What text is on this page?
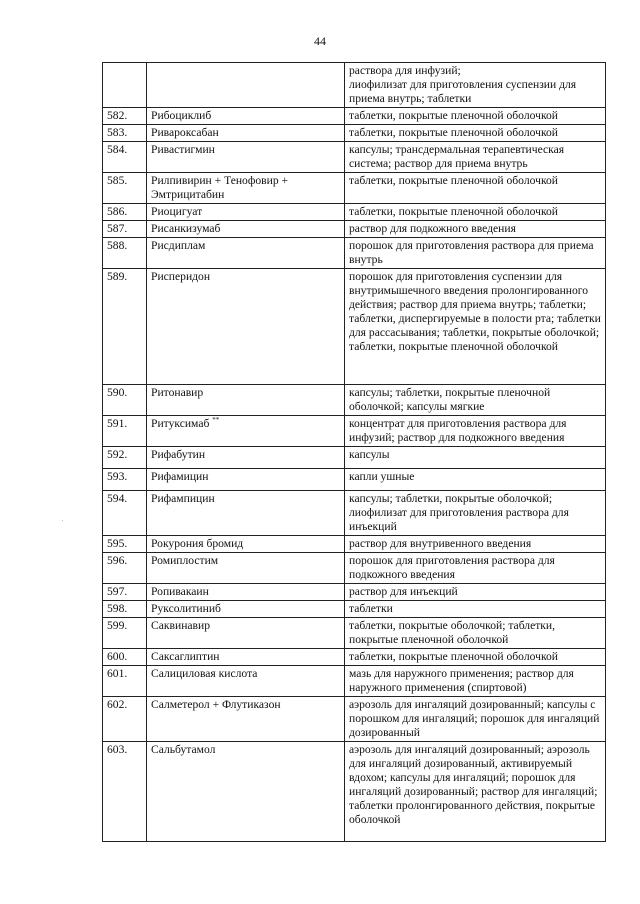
44
		раствора для инфузий;
лиофилизат для приготовления суспензии для приема внутрь; таблетки
582.	Рибоциклиб	таблетки, покрытые пленочной оболочкой
583.	Ривароксабан	таблетки, покрытые пленочной оболочкой
584.	Ривастигмин	капсулы; трансдермальная терапевтическая система; раствор для приема внутрь
585.	Рилпивирин + Тенофовир + Эмтрицитабин	таблетки, покрытые пленочной оболочкой
586.	Риоцигуат	таблетки, покрытые пленочной оболочкой
587.	Рисанкизумаб	раствор для подкожного введения
588.	Рисдиплам	порошок для приготовления раствора для приема внутрь
589.	Рисперидон	порошок для приготовления суспензии для внутримышечного введения пролонгированного действия; раствор для приема внутрь; таблетки; таблетки, диспергируемые в полости рта; таблетки для рассасывания; таблетки, покрытые оболочкой; таблетки, покрытые пленочной оболочкой
590.	Ритонавир	капсулы; таблетки, покрытые пленочной оболочкой; капсулы мягкие
591.	Ритуксимаб **	концентрат для приготовления раствора для инфузий; раствор для подкожного введения
592.	Рифабутин	капсулы
593.	Рифамицин	капли ушные
594.	Рифампицин	капсулы; таблетки, покрытые оболочкой; лиофилизат для приготовления раствора для инъекций
595.	Рокурония бромид	раствор для внутривенного введения
596.	Ромиплостим	порошок для приготовления раствора для подкожного введения
597.	Ропивакаин	раствор для инъекций
598.	Руксолитиниб	таблетки
599.	Саквинавир	таблетки, покрытые оболочкой; таблетки, покрытые пленочной оболочкой
600.	Саксаглиптин	таблетки, покрытые пленочной оболочкой
601.	Салициловая кислота	мазь для наружного применения; раствор для наружного применения (спиртовой)
602.	Салметерол + Флутиказон	аэрозоль для ингаляций дозированный; капсулы с порошком для ингаляций; порошок для ингаляций дозированный
603.	Сальбутамол	аэрозоль для ингаляций дозированный; аэрозоль для ингаляций дозированный, активируемый вдохом; капсулы для ингаляций; порошок для ингаляций дозированный; раствор для ингаляций; таблетки пролонгированного действия, покрытые оболочкой
